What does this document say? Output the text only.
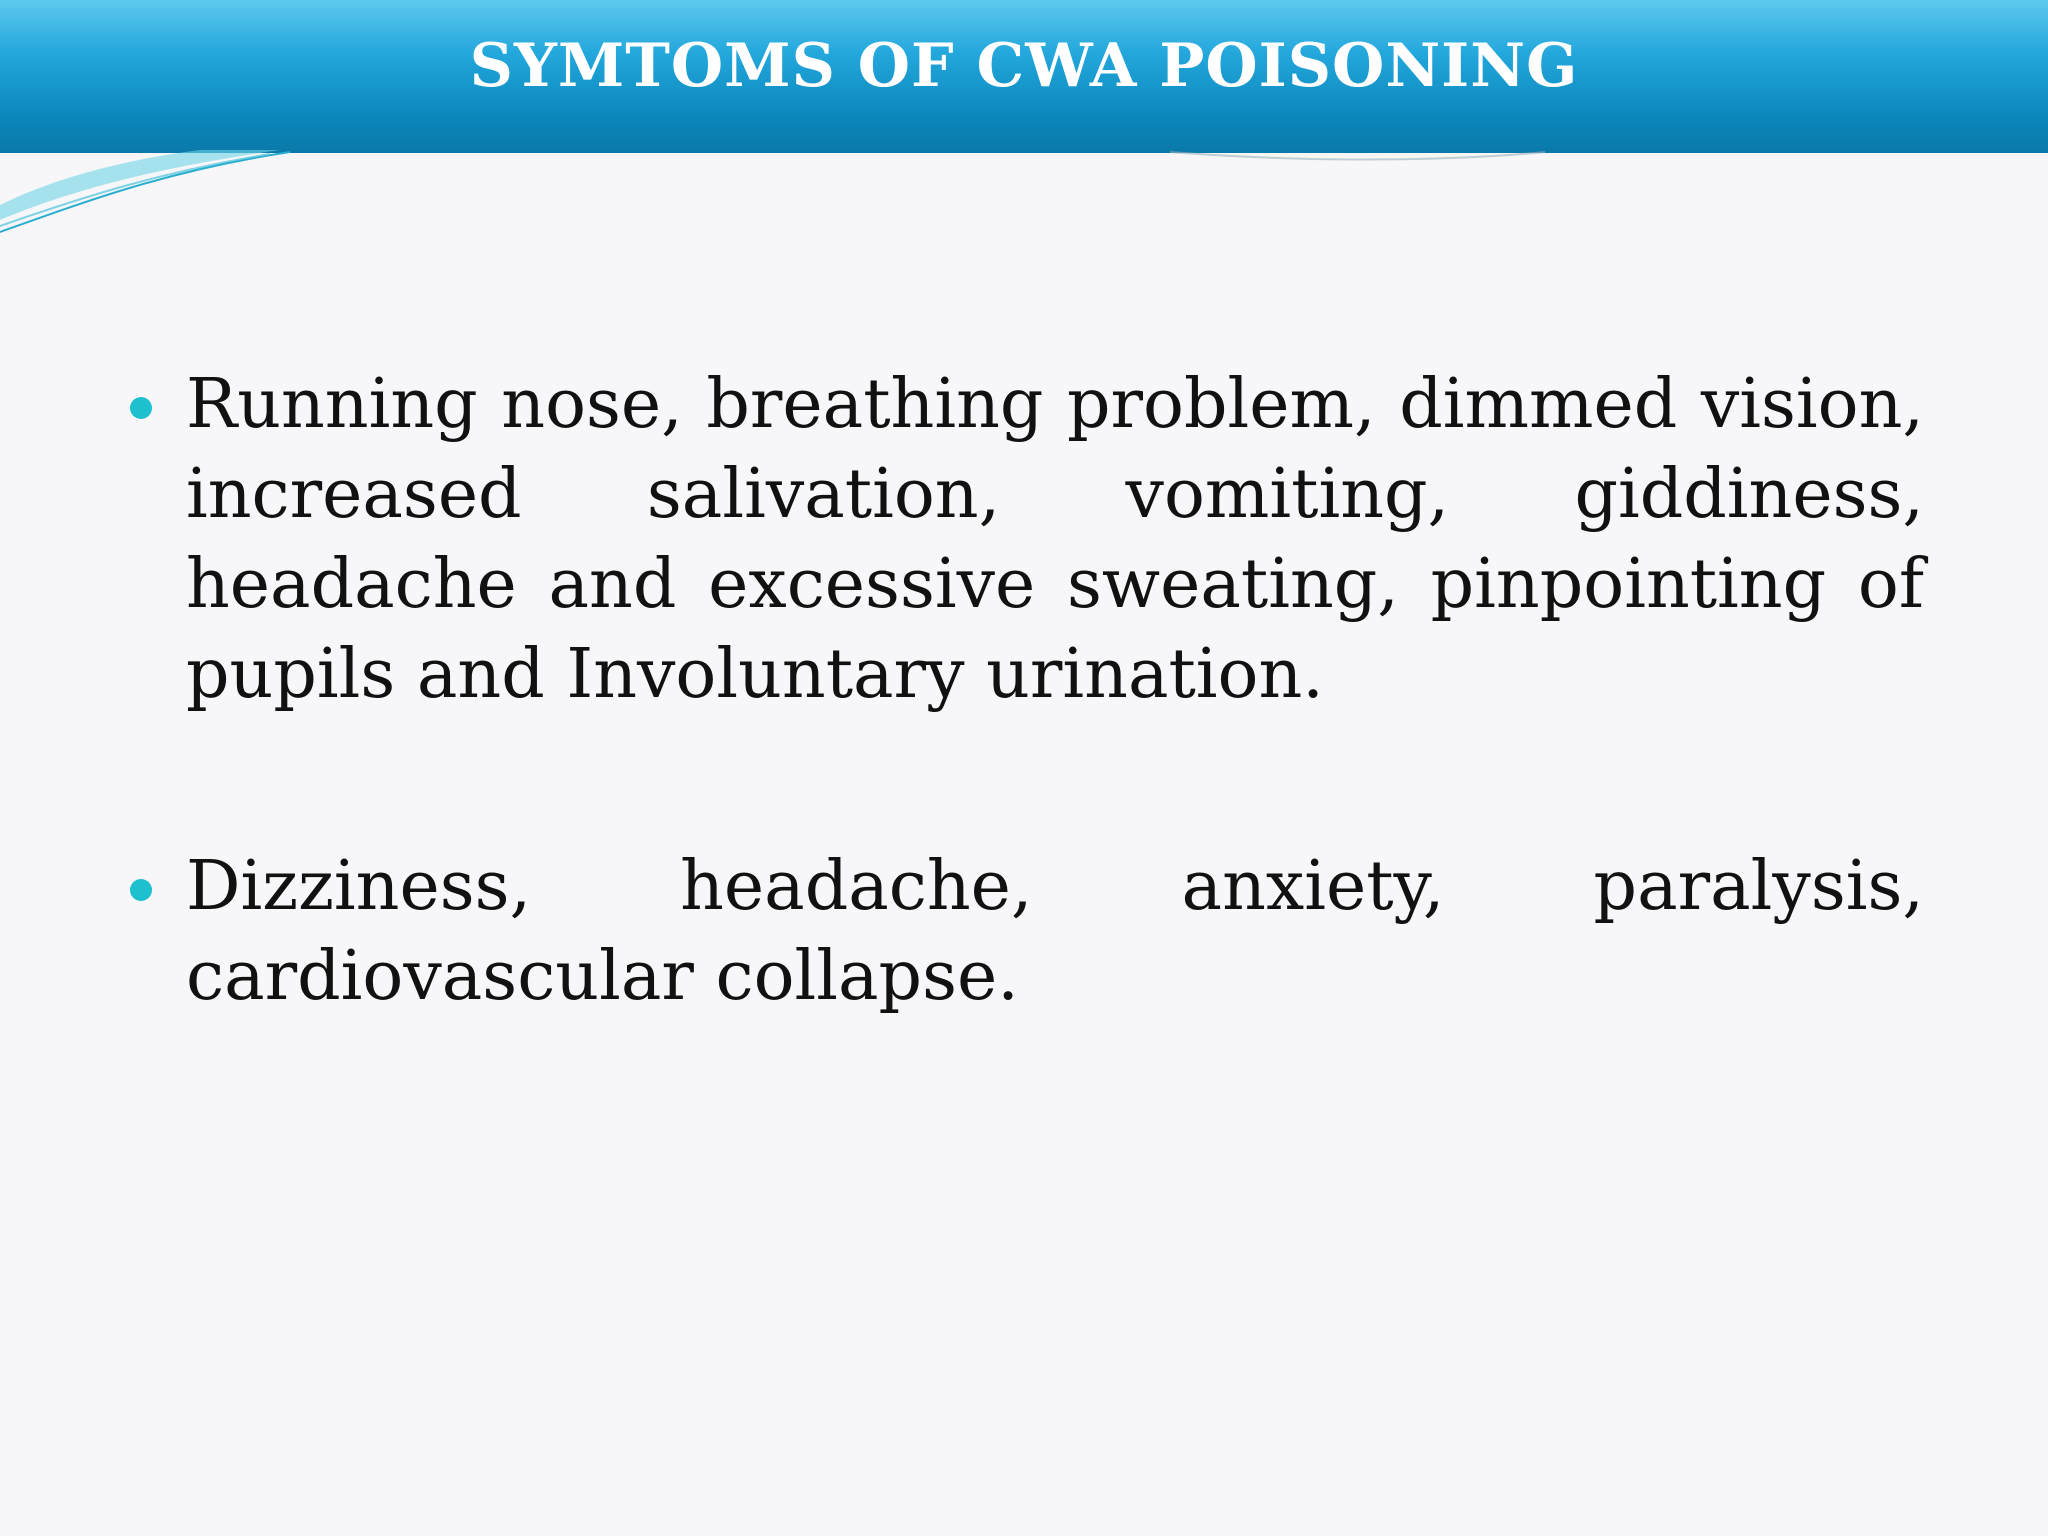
SYMTOMS OF CWA POISONING
Running nose, breathing problem, dimmed vision, increased salivation, vomiting, giddiness, headache and excessive sweating, pinpointing of pupils and Involuntary urination.
Dizziness, headache, anxiety, paralysis, cardiovascular collapse.
